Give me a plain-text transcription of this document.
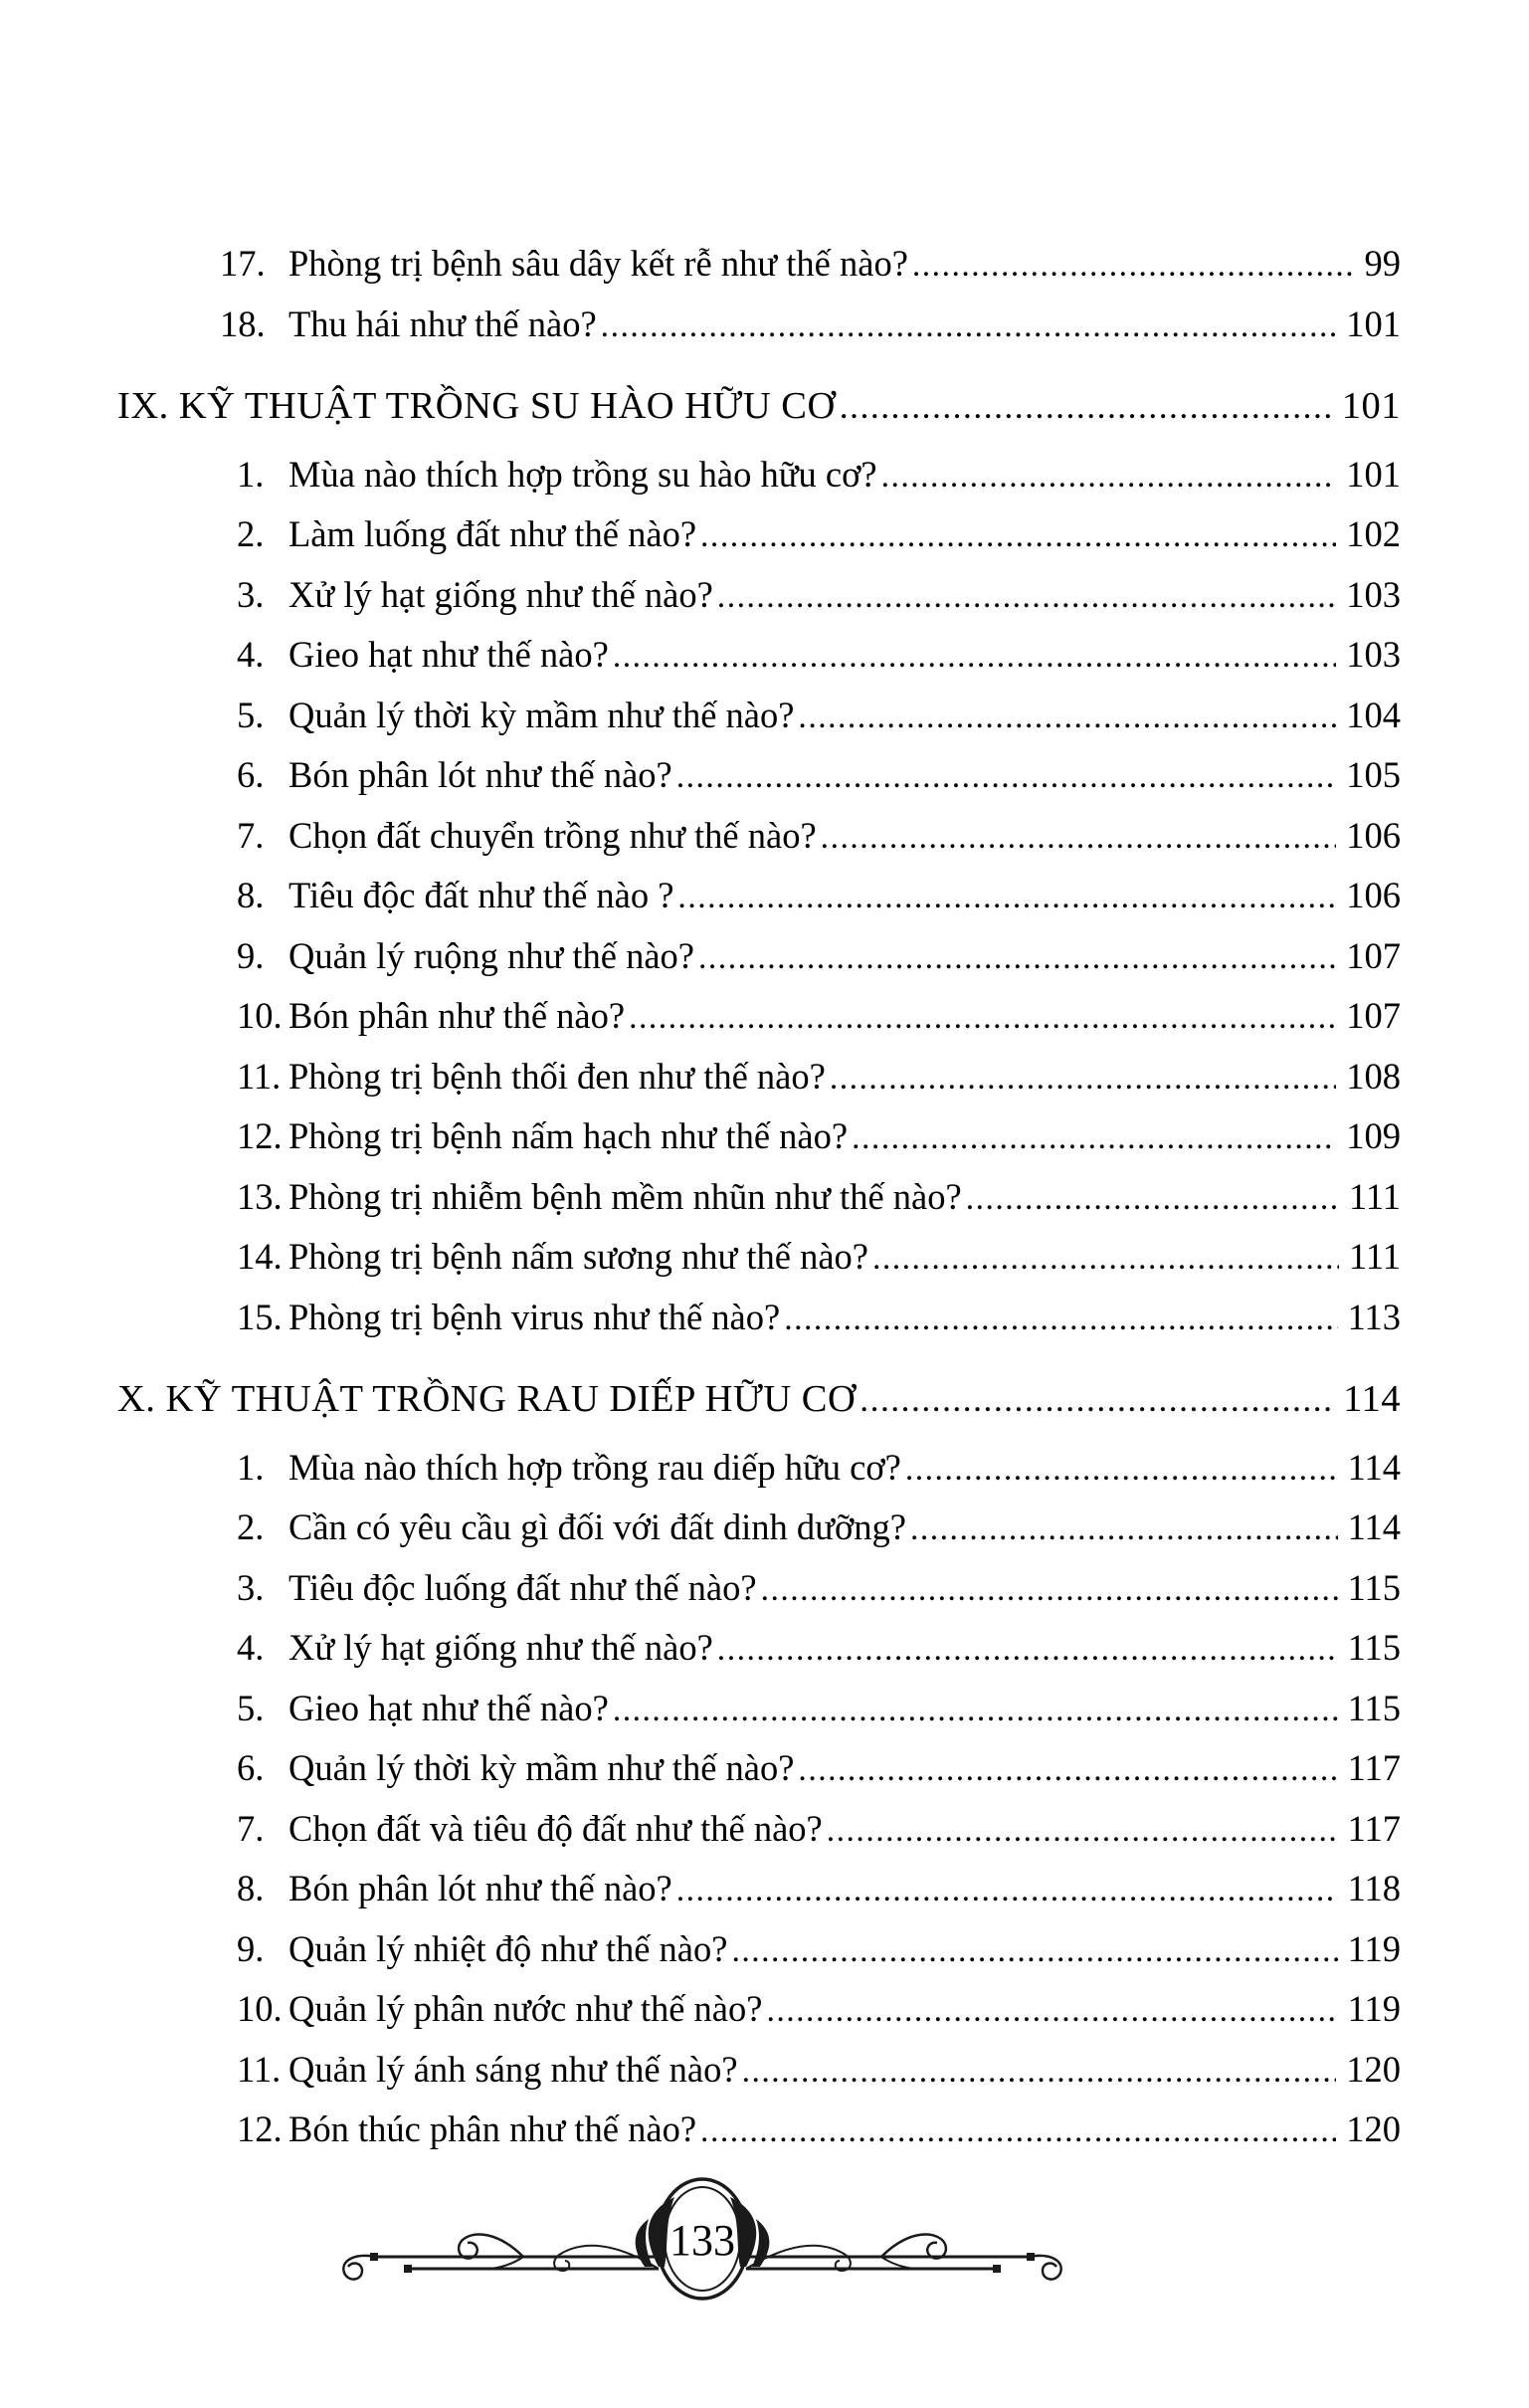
17. Phòng trị bệnh sâu dây kết rễ như thế nào? .....	99
18. Thu hái như thế nào? .....	101
IX. KỸ THUẬT TRỒNG SU HÀO HỮU CƠ .....	101
1. Mùa nào thích hợp trồng su hào hữu cơ? .....	101
2. Làm luống đất như thế nào? .....	102
3. Xử lý hạt giống như thế nào? .....	103
4. Gieo hạt như thế nào? .....	103
5. Quản lý thời kỳ mầm như thế nào? .....	104
6. Bón phân lót như thế nào? .....	105
7. Chọn đất chuyển trồng như thế nào? .....	106
8. Tiêu độc đất như thế nào ? .....	106
9. Quản lý ruộng như thế nào? .....	107
10. Bón phân như thế nào? .....	107
11. Phòng trị bệnh thối đen như thế nào? .....	108
12. Phòng trị bệnh nấm hạch như thế nào? .....	109
13. Phòng trị nhiễm bệnh mềm nhũn như thế nào? .....	111
14. Phòng trị bệnh nấm sương như thế nào? .....	111
15. Phòng trị bệnh virus như thế nào? .....	113
X. KỸ THUẬT TRỒNG RAU DIẾP HỮU CƠ .....	114
1. Mùa nào thích hợp trồng rau diếp hữu cơ? .....	114
2. Cần có yêu cầu gì đối với đất dinh dưỡng? .....	114
3. Tiêu độc luống đất như thế nào? .....	115
4. Xử lý hạt giống như thế nào? .....	115
5. Gieo hạt như thế nào? .....	115
6. Quản lý thời kỳ mầm như thế nào? .....	117
7. Chọn đất và tiêu độ đất như thế nào? .....	117
8. Bón phân lót như thế nào? .....	118
9. Quản lý nhiệt độ như thế nào? .....	119
10. Quản lý phân nước như thế nào? .....	119
11. Quản lý ánh sáng như thế nào? .....	120
12. Bón thúc phân như thế nào? .....	120
133
